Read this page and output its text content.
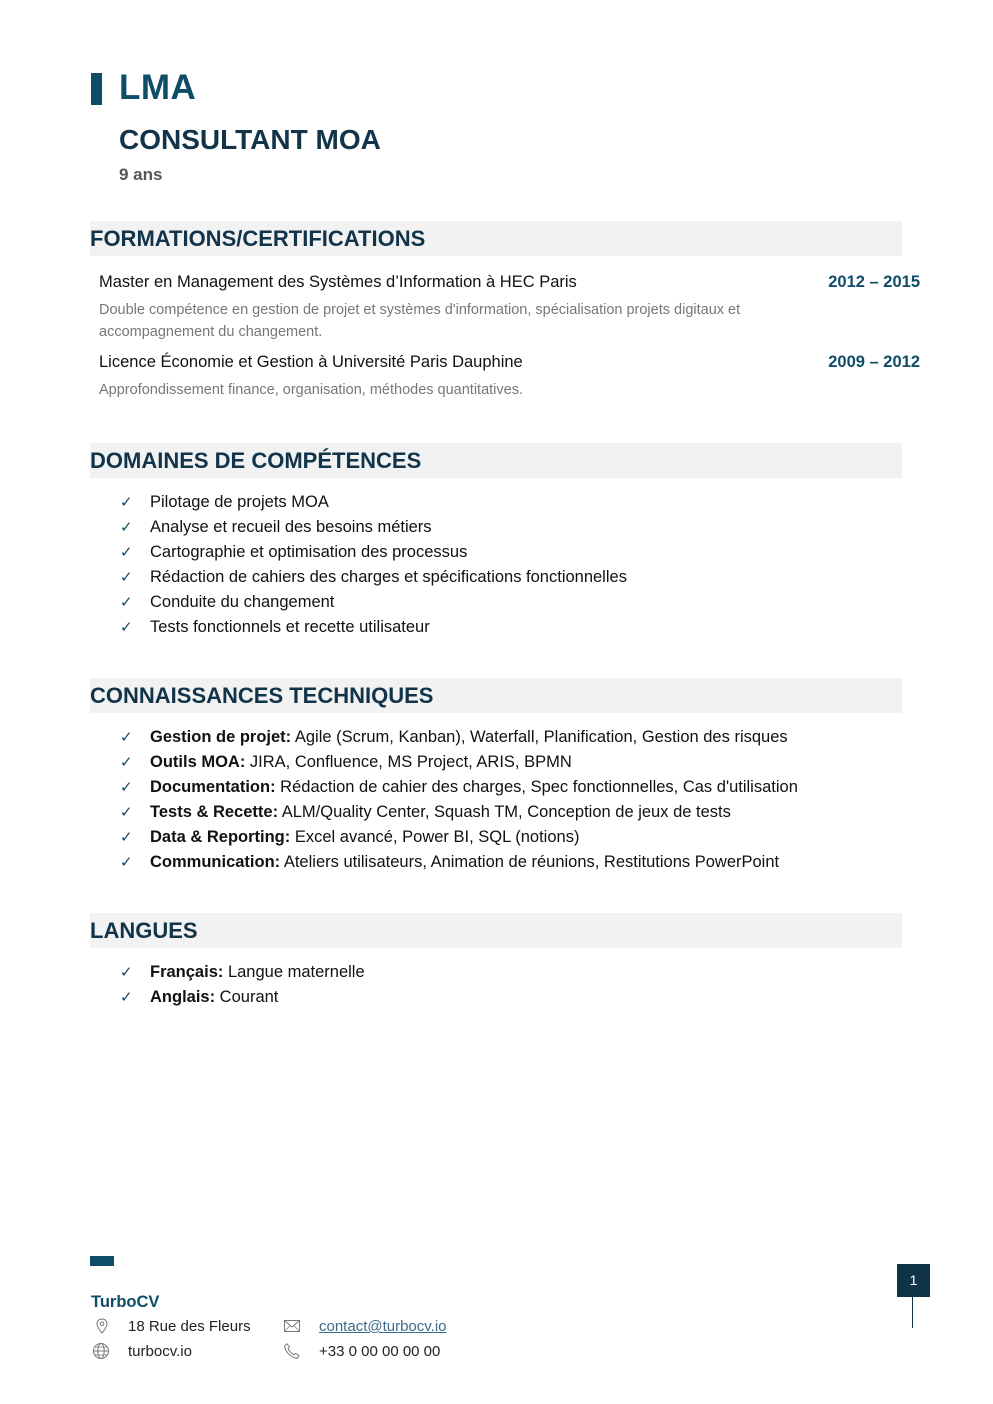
LMA
CONSULTANT MOA
9 ans
FORMATIONS/CERTIFICATIONS
Master en Management des Systèmes d’Information à HEC Paris	2012 – 2015
Double compétence en gestion de projet et systèmes d'information, spécialisation projets digitaux et accompagnement du changement.
Licence Économie et Gestion à Université Paris Dauphine	2009 – 2012
Approfondissement finance, organisation, méthodes quantitatives.
DOMAINES DE COMPÉTENCES
✓ Pilotage de projets MOA
✓ Analyse et recueil des besoins métiers
✓ Cartographie et optimisation des processus
✓ Rédaction de cahiers des charges et spécifications fonctionnelles
✓ Conduite du changement
✓ Tests fonctionnels et recette utilisateur
CONNAISSANCES TECHNIQUES
✓ Gestion de projet: Agile (Scrum, Kanban), Waterfall, Planification, Gestion des risques
✓ Outils MOA: JIRA, Confluence, MS Project, ARIS, BPMN
✓ Documentation: Rédaction de cahier des charges, Spec fonctionnelles, Cas d'utilisation
✓ Tests & Recette: ALM/Quality Center, Squash TM, Conception de jeux de tests
✓ Data & Reporting: Excel avancé, Power BI, SQL (notions)
✓ Communication: Ateliers utilisateurs, Animation de réunions, Restitutions PowerPoint
LANGUES
✓ Français: Langue maternelle
✓ Anglais: Courant
TurboCV
18 Rue des Fleurs
turbocv.io
contact@turbocv.io
+33 0 00 00 00 00
1
